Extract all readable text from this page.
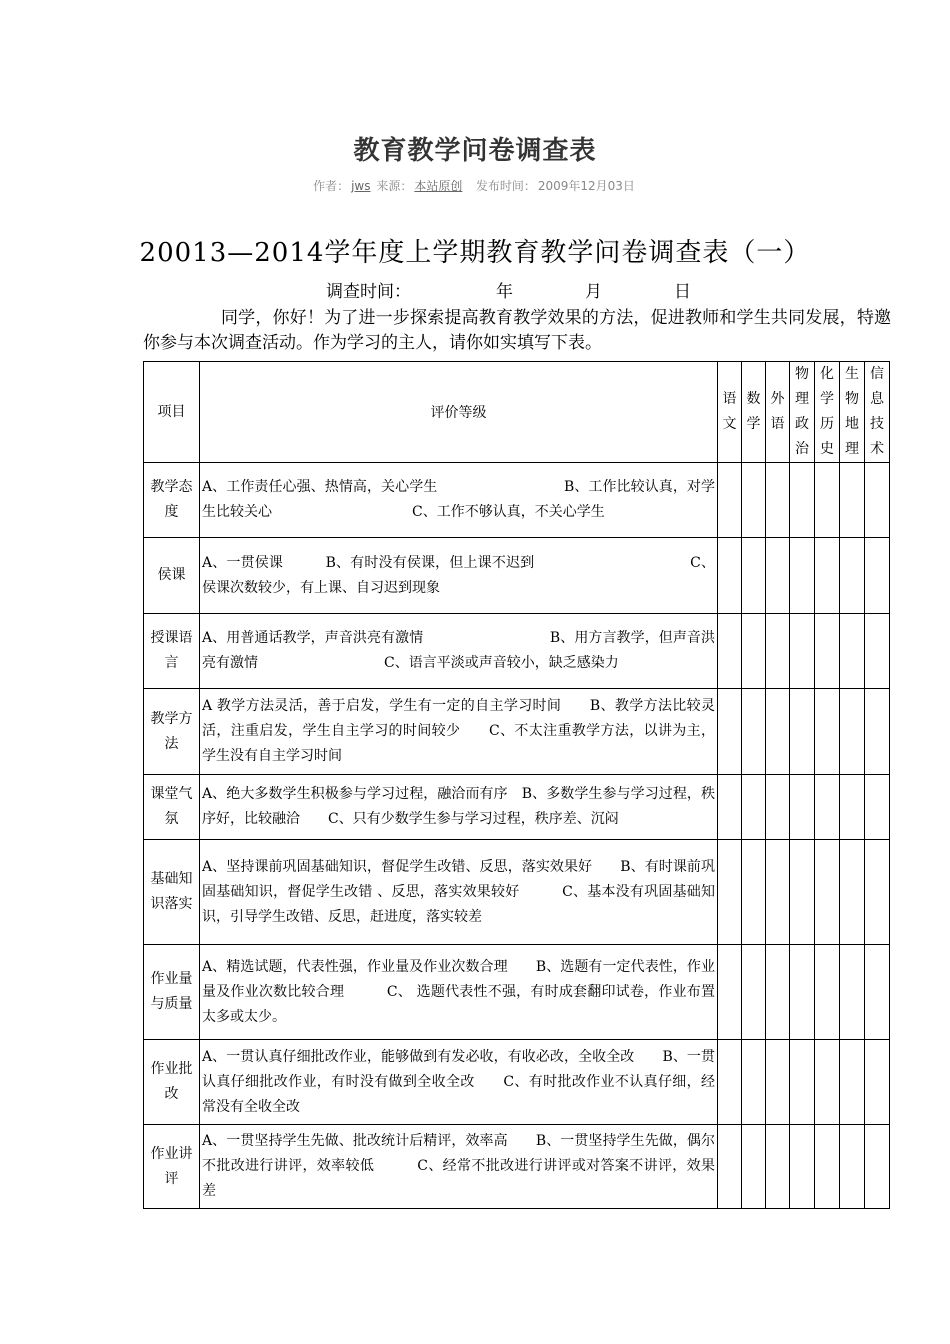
教育教学问卷调查表
作者： jws 来源： 本站原创 发布时间： 2009年12月03日
20013—2014学年度上学期教育教学问卷调查表（一）
调查时间：	年	月	日
同学，你好！为了进一步探索提高教育教学效果的方法，促进教师和学生共同发展，特邀你参与本次调查活动。作为学习的主人，请你如实填写下表。
项目	评价等级	语文	数学	外语	物理政治	化学历史	生物地理	信息技术
教学态度	A、工作责任心强、热情高，关心学生　　　　　　　　　B、工作比较认真，对学生比较关心　　　　　　　　　　C、工作不够认真，不关心学生							
侯课	A、一贯侯课　　　B、有时没有侯课，但上课不迟到　　　　　　　　　　　C、侯课次数较少，有上课、自习迟到现象							
授课语言	A、用普通话教学，声音洪亮有激情　　　　　　　　　B、用方言教学，但声音洪亮有激情　　　　　　　　　C、语言平淡或声音较小，缺乏感染力							
教学方法	A 教学方法灵活，善于启发，学生有一定的自主学习时间　　B、教学方法比较灵活，注重启发，学生自主学习的时间较少　　C、不太注重教学方法，以讲为主，学生没有自主学习时间							
课堂气氛	A、绝大多数学生积极参与学习过程，融洽而有序　B、多数学生参与学习过程，秩序好，比较融洽　　C、只有少数学生参与学习过程，秩序差、沉闷							
基础知识落实	A、坚持课前巩固基础知识，督促学生改错、反思，落实效果好　　B、有时课前巩固基础知识，督促学生改错 、反思，落实效果较好　　　C、基本没有巩固基础知识，引导学生改错、反思，赶进度，落实较差							
作业量与质量	A、精选试题，代表性强，作业量及作业次数合理　　B、选题有一定代表性，作业量及作业次数比较合理　　　C、 选题代表性不强，有时成套翻印试卷，作业布置太多或太少。							
作业批改	A、一贯认真仔细批改作业，能够做到有发必收，有收必改，全收全改　　B、一贯认真仔细批改作业，有时没有做到全收全改　　C、有时批改作业不认真仔细，经常没有全收全改							
作业讲评	A、一贯坚持学生先做、批改统计后精评，效率高　　B、一贯坚持学生先做，偶尔不批改进行讲评，效率较低　　　C、经常不批改进行讲评或对答案不讲评，效果差							
